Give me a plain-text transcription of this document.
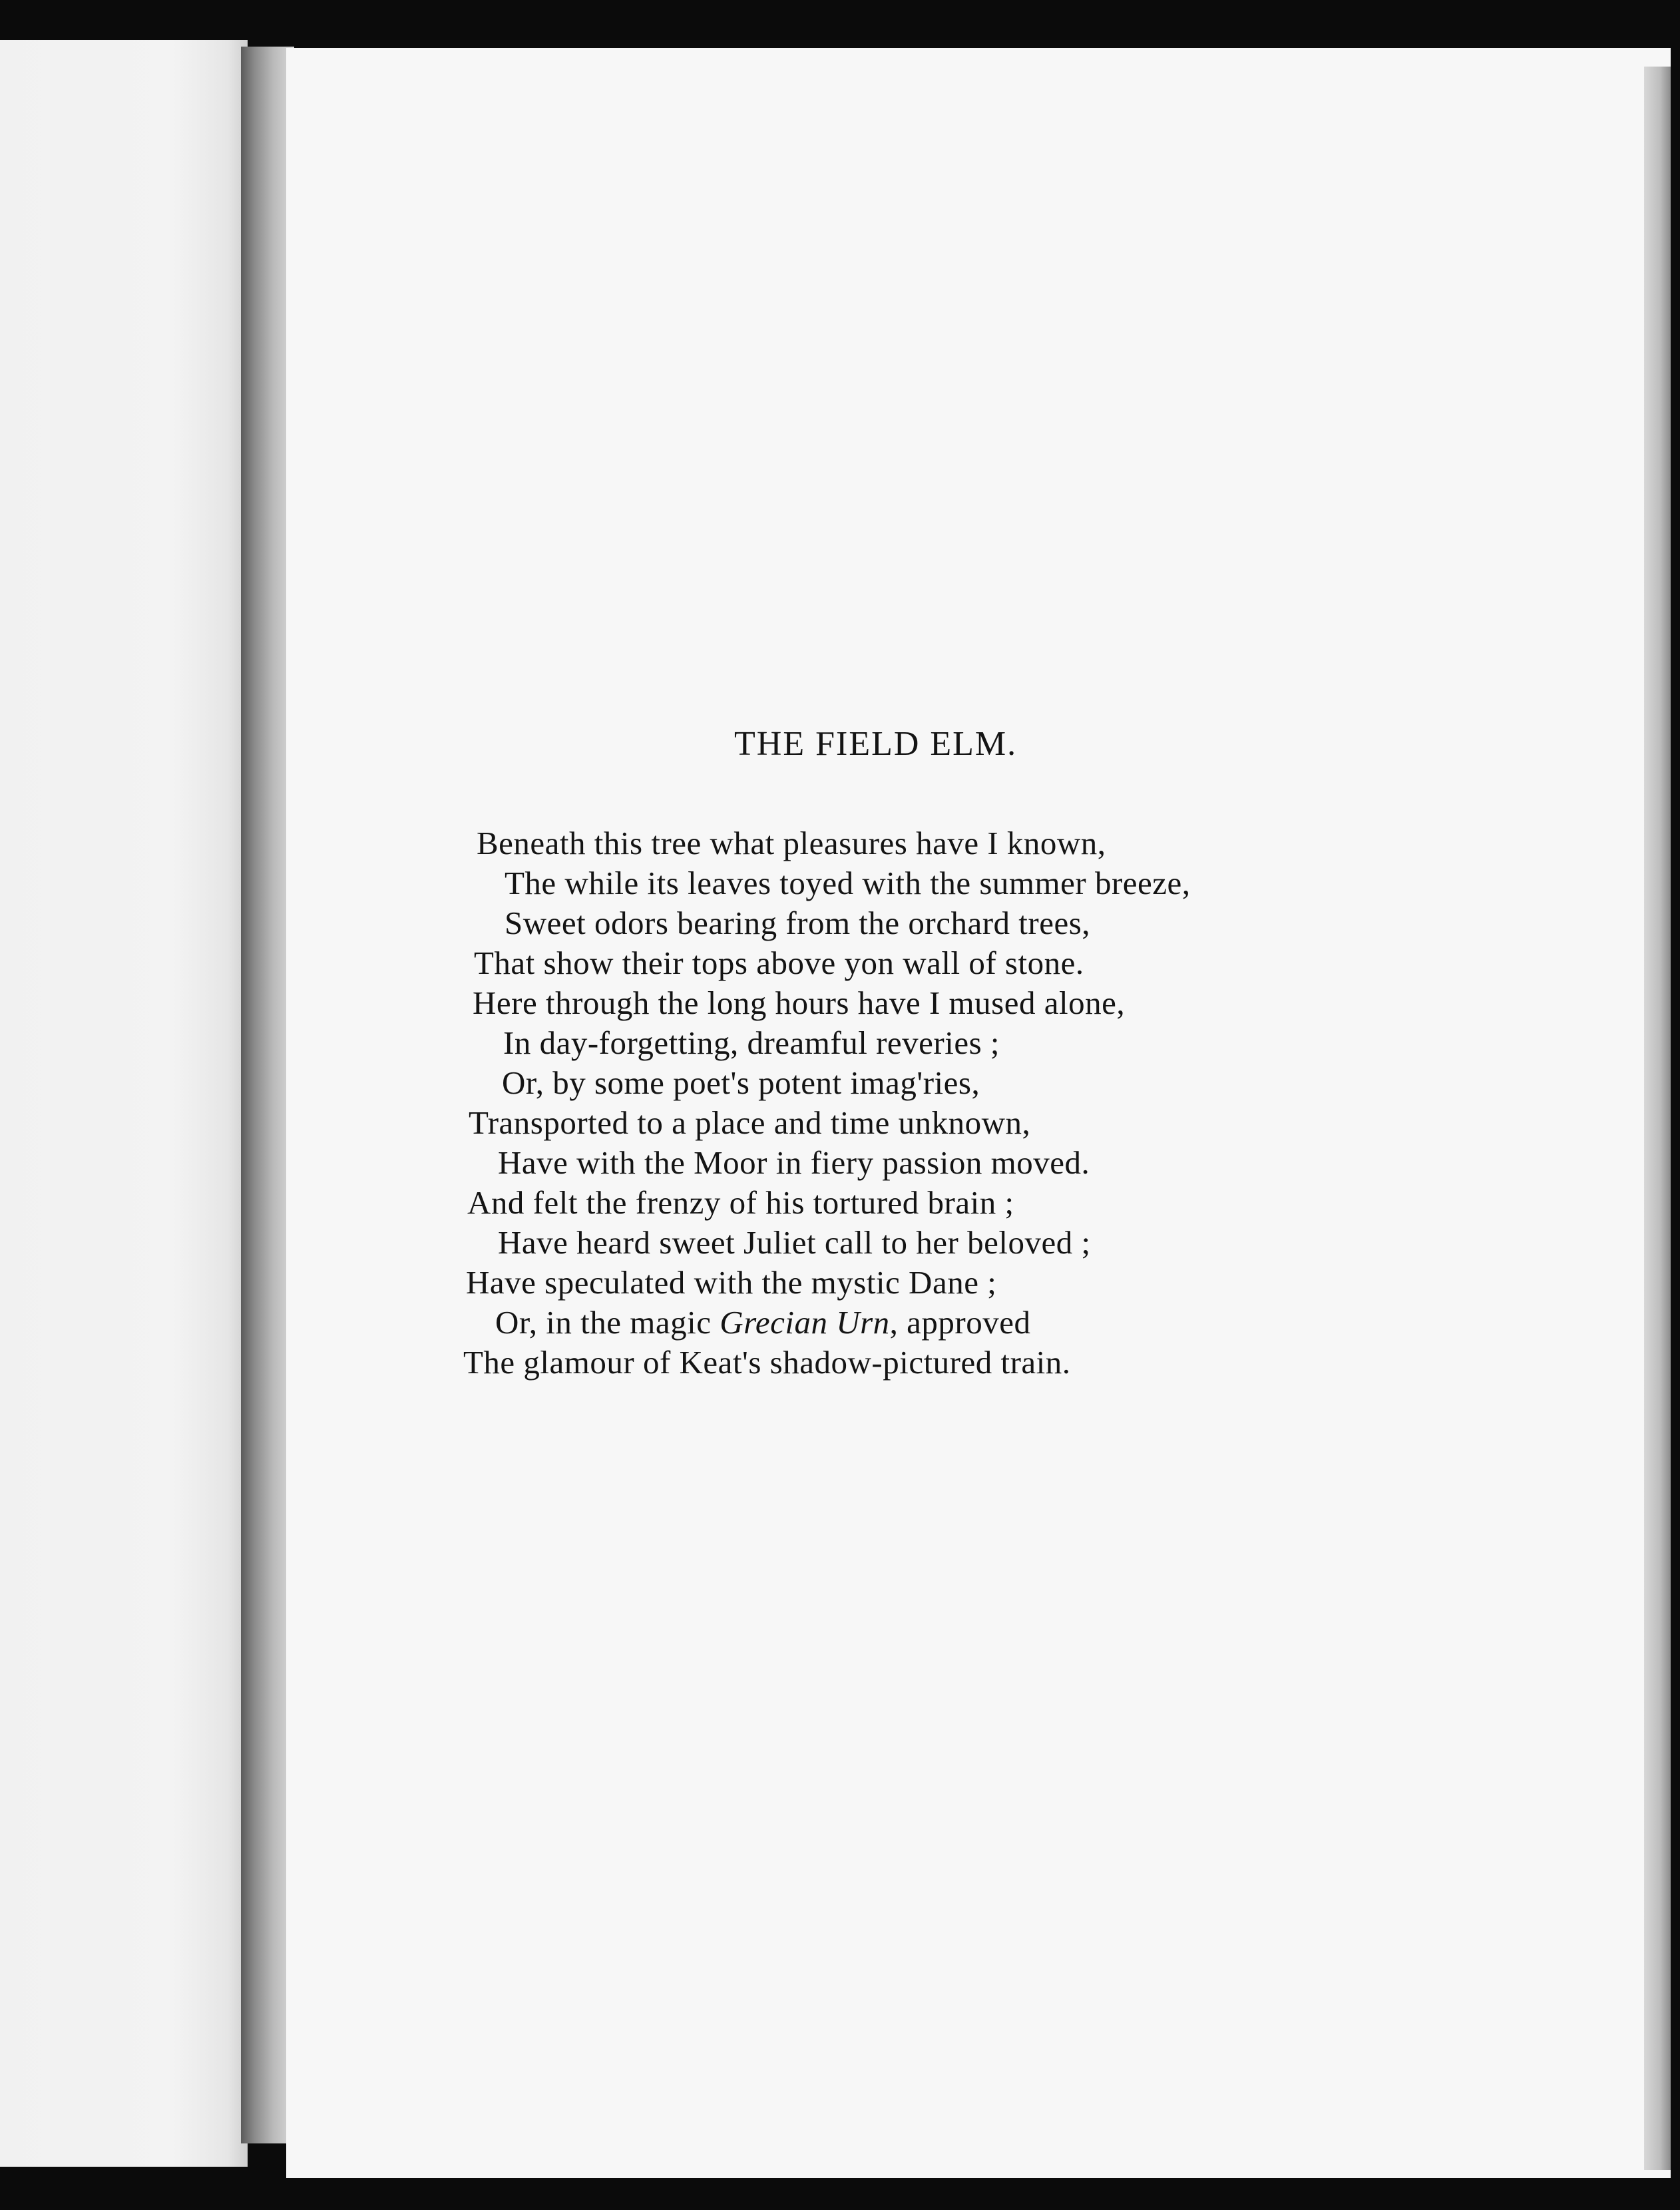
THE FIELD ELM.
Beneath this tree what pleasures have I known,
The while its leaves toyed with the summer breeze,
Sweet odors bearing from the orchard trees,
That show their tops above yon wall of stone.
Here through the long hours have I mused alone,
In day-forgetting, dreamful reveries ;
Or, by some poet's potent imag'ries,
Transported to a place and time unknown,
Have with the Moor in fiery passion moved.
And felt the frenzy of his tortured brain ;
Have heard sweet Juliet call to her beloved ;
Have speculated with the mystic Dane ;
Or, in the magic Grecian Urn, approved
The glamour of Keat's shadow-pictured train.
